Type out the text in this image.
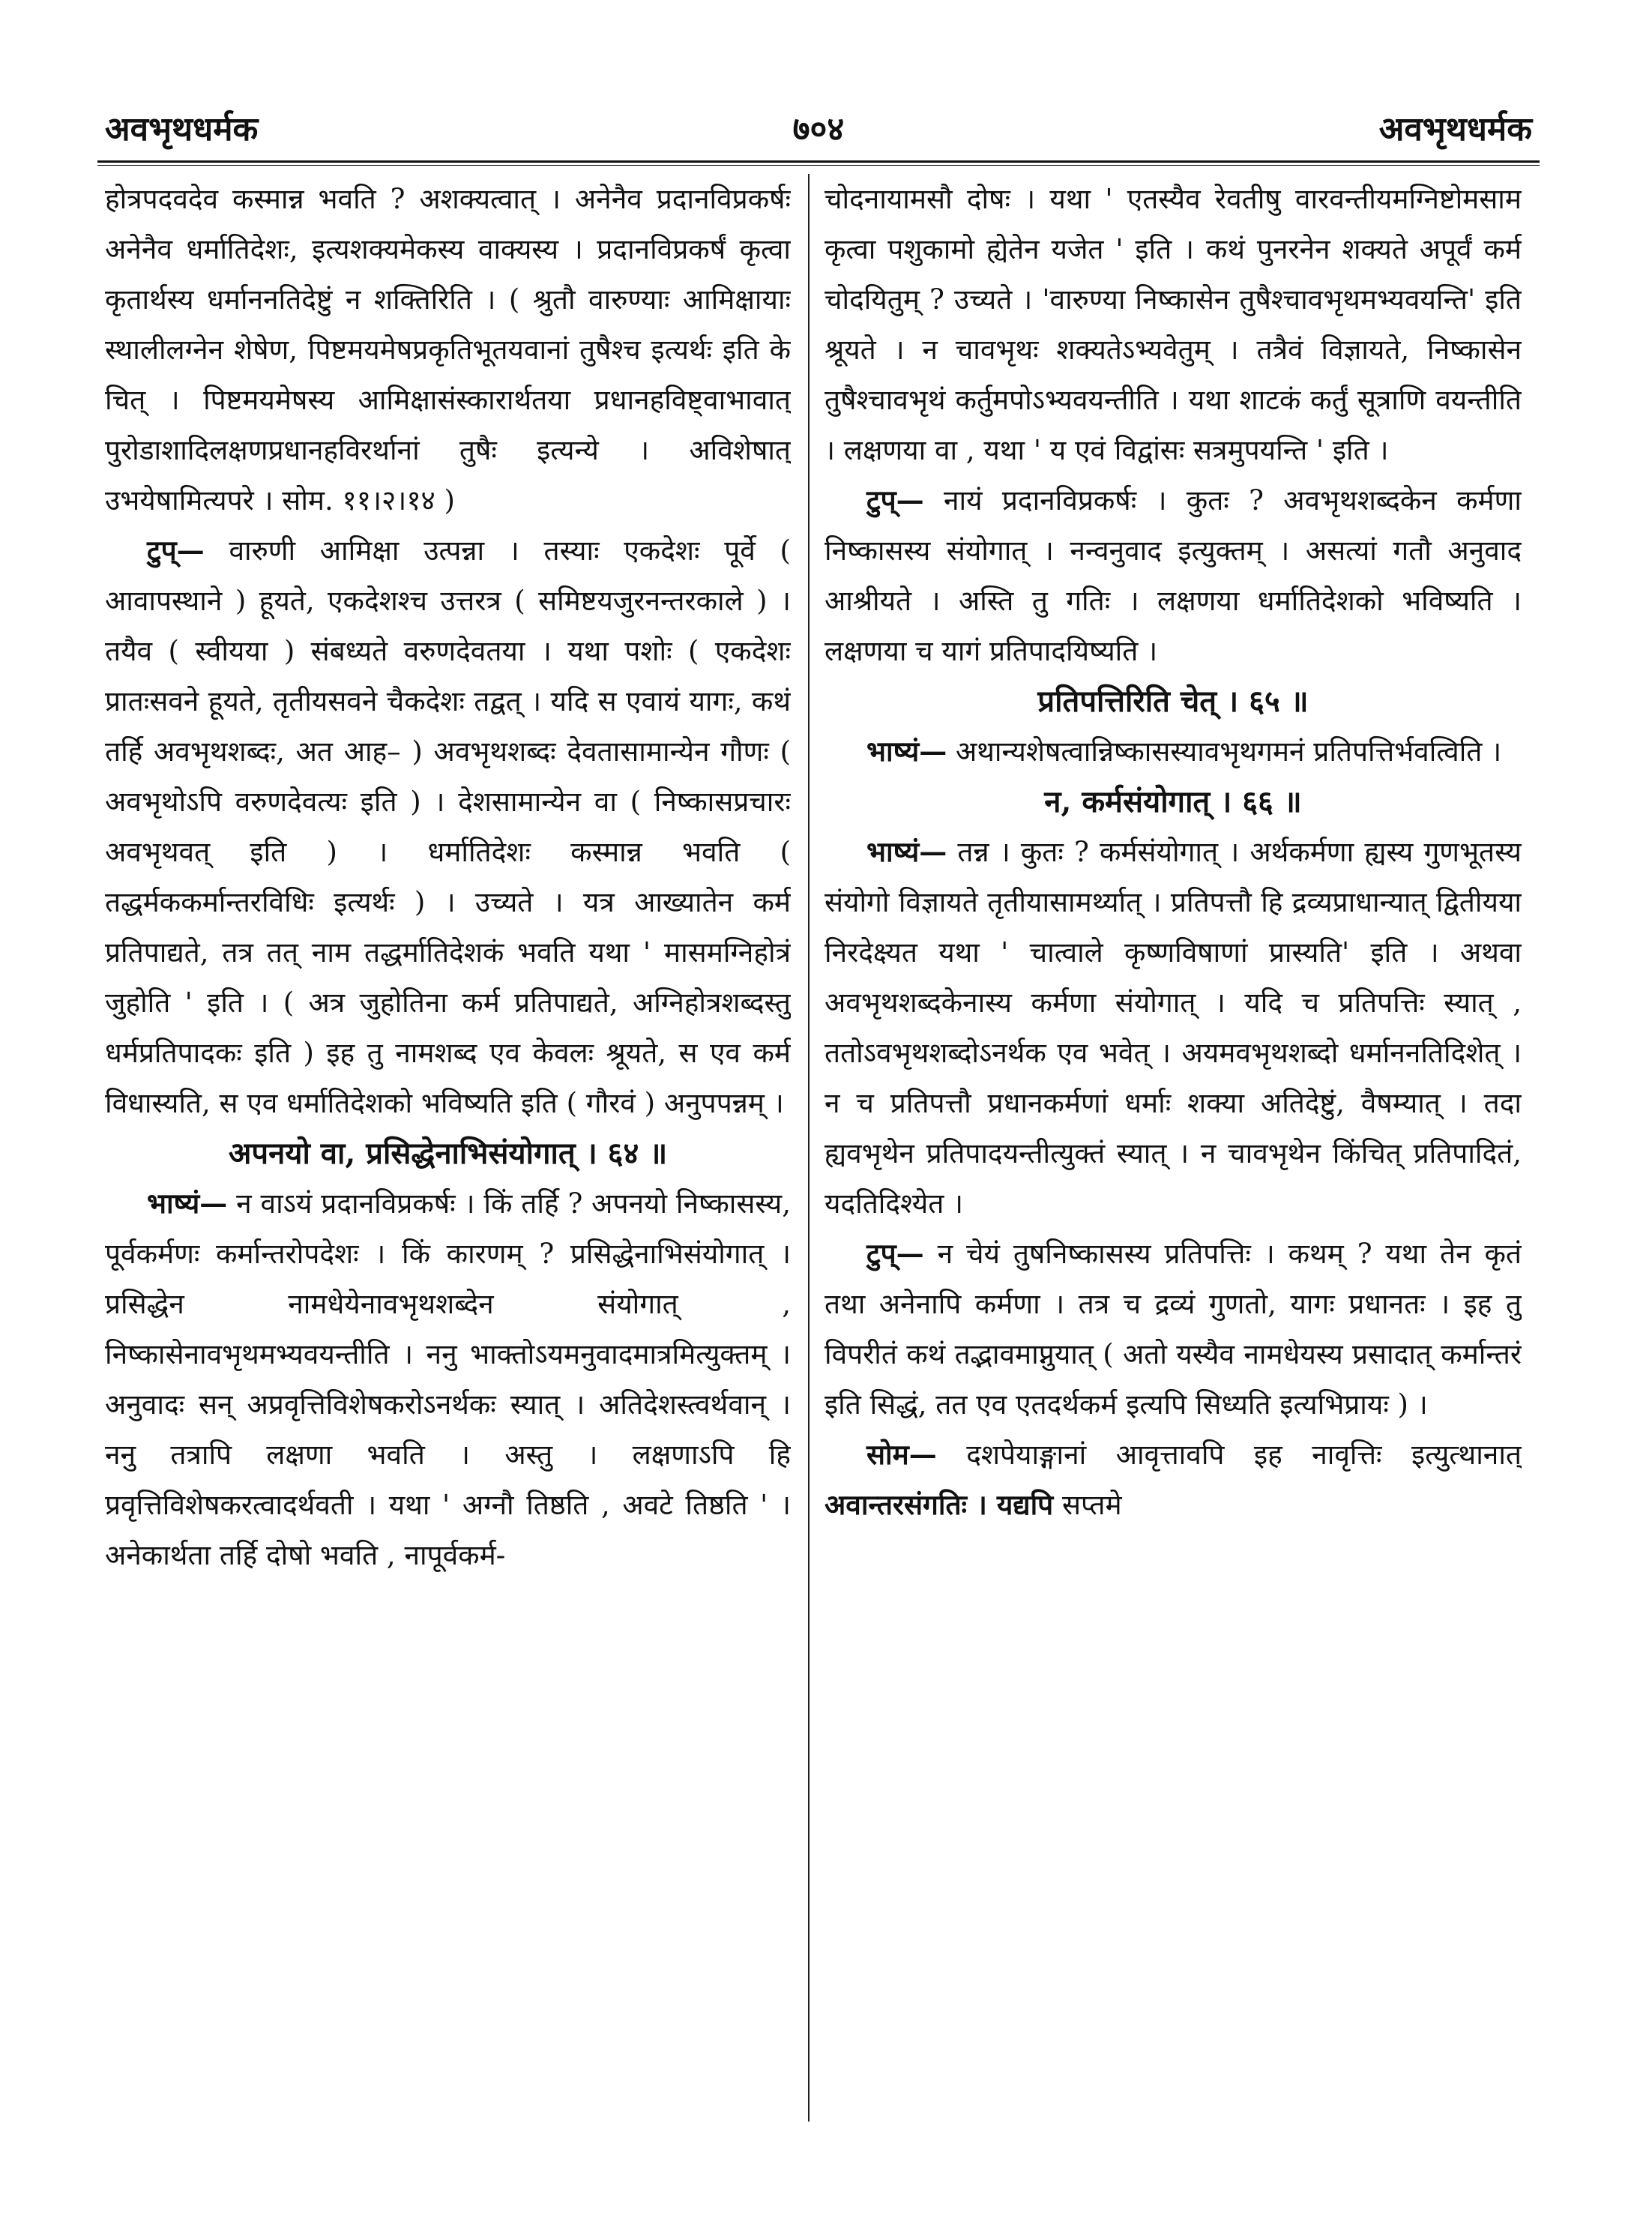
अवभृथधर्मक	७०४	अवभृथधर्मक

होत्रपदवदेव कस्मान्न भवति ? अशक्यत्वात् । अनेनैव प्रदानविप्रकर्षः अनेनैव धर्मातिदेशः, इत्यशक्यमेकस्य वाक्यस्य । प्रदानविप्रकर्षं कृत्वा कृतार्थस्य धर्माननतिदेष्टुं न शक्तिरिति । ( श्रुतौ वारुण्याः आमिक्षायाः स्थालीलग्नेन शेषेण, पिष्टमयमेषप्रकृतिभूतयवानां तुषैश्च इत्यर्थः इति के चित् । पिष्टमयमेषस्य आमिक्षासंस्कारार्थतया प्रधानहविष्ट्वाभावात् पुरोडाशादिलक्षणप्रधानहविरर्थानां तुषैः इत्यन्ये । अविशेषात् उभयेषामित्यपरे । सोम. ११।२।१४ )

टुप्— वारुणी आमिक्षा उत्पन्ना । तस्याः एकदेशः पूर्वे ( आवापस्थाने ) हूयते, एकदेशश्च उत्तरत्र ( समिष्टयजुरनन्तरकाले ) । तयैव ( स्वीयया ) संबध्यते वरुणदेवतया । यथा पशोः ( एकदेशः प्रातःसवने हूयते, तृतीयसवने चैकदेशः तद्वत् । यदि स एवायं यागः, कथं तर्हि अवभृथशब्दः, अत आह– ) अवभृथशब्दः देवतासामान्येन गौणः ( अवभृथोऽपि वरुणदेवत्यः इति ) । देशसामान्येन वा ( निष्कासप्रचारः अवभृथवत् इति ) । धर्मातिदेशः कस्मान्न भवति ( तद्धर्मककर्मान्तरविधिः इत्यर्थः ) । उच्यते । यत्र आख्यातेन कर्म प्रतिपाद्यते, तत्र तत् नाम तद्धर्मातिदेशकं भवति यथा ' मासमग्निहोत्रं जुहोति ' इति । ( अत्र जुहोतिना कर्म प्रतिपाद्यते, अग्निहोत्रशब्दस्तु धर्मप्रतिपादकः इति ) इह तु नामशब्द एव केवलः श्रूयते, स एव कर्म विधास्यति, स एव धर्मातिदेशको भविष्यति इति ( गौरवं ) अनुपपन्नम् ।

अपनयो वा, प्रसिद्धेनाभिसंयोगात् । ६४ ॥

भाष्यं— न वाऽयं प्रदानविप्रकर्षः । किं तर्हि ? अपनयो निष्कासस्य, पूर्वकर्मणः कर्मान्तरोपदेशः । किं कारणम् ? प्रसिद्धेनाभिसंयोगात् । प्रसिद्धेन नामधेयेनावभृथशब्देन संयोगात् , निष्कासेनावभृथमभ्यवयन्तीति । ननु भाक्तोऽयमनुवादमात्रमित्युक्तम् । अनुवादः सन् अप्रवृत्तिविशेषकरोऽनर्थकः स्यात् । अतिदेशस्त्वर्थवान् । ननु तत्रापि लक्षणा भवति । अस्तु । लक्षणाऽपि हि प्रवृत्तिविशेषकरत्वादर्थवती । यथा ' अग्नौ तिष्ठति , अवटे तिष्ठति ' । अनेकार्थता तर्हि दोषो भवति , नापूर्वकर्म-

चोदनायामसौ दोषः । यथा ' एतस्यैव रेवतीषु वारवन्तीयमग्निष्टोमसाम कृत्वा पशुकामो ह्येतेन यजेत ' इति । कथं पुनरनेन शक्यते अपूर्वं कर्म चोदयितुम् ? उच्यते । 'वारुण्या निष्कासेन तुषैश्चावभृथमभ्यवयन्ति' इति श्रूयते । न चावभृथः शक्यतेऽभ्यवेतुम् । तत्रैवं विज्ञायते, निष्कासेन तुषैश्चावभृथं कर्तुमपोऽभ्यवयन्तीति । यथा शाटकं कर्तुं सूत्राणि वयन्तीति । लक्षणया वा , यथा ' य एवं विद्वांसः सत्रमुपयन्ति ' इति ।

टुप्— नायं प्रदानविप्रकर्षः । कुतः ? अवभृथशब्दकेन कर्मणा निष्कासस्य संयोगात् । नन्वनुवाद इत्युक्तम् । असत्यां गतौ अनुवाद आश्रीयते । अस्ति तु गतिः । लक्षणया धर्मातिदेशको भविष्यति । लक्षणया च यागं प्रतिपादयिष्यति ।

प्रतिपत्तिरिति चेत् । ६५ ॥

भाष्यं— अथान्यशेषत्वान्निष्कासस्यावभृथगमनं प्रतिपत्तिर्भवत्विति ।

न, कर्मसंयोगात् । ६६ ॥

भाष्यं— तन्न । कुतः ? कर्मसंयोगात् । अर्थकर्मणा ह्यस्य गुणभूतस्य संयोगो विज्ञायते तृतीयासामर्थ्यात् । प्रतिपत्तौ हि द्रव्यप्राधान्यात् द्वितीयया निरदेक्ष्यत यथा ' चात्वाले कृष्णविषाणां प्रास्यति' इति । अथवा अवभृथशब्दकेनास्य कर्मणा संयोगात् । यदि च प्रतिपत्तिः स्यात् , ततोऽवभृथशब्दोऽनर्थक एव भवेत् । अयमवभृथशब्दो धर्माननतिदिशेत् । न च प्रतिपत्तौ प्रधानकर्मणां धर्माः शक्या अतिदेष्टुं, वैषम्यात् । तदा ह्यवभृथेन प्रतिपादयन्तीत्युक्तं स्यात् । न चावभृथेन किंचित् प्रतिपादितं, यदतिदिश्येत ।

टुप्— न चेयं तुषनिष्कासस्य प्रतिपत्तिः । कथम् ? यथा तेन कृतं तथा अनेनापि कर्मणा । तत्र च द्रव्यं गुणतो, यागः प्रधानतः । इह तु विपरीतं कथं तद्भावमाप्नुयात् ( अतो यस्यैव नामधेयस्य प्रसादात् कर्मान्तरं इति सिद्धं, तत एव एतदर्थकर्म इत्यपि सिध्यति इत्यभिप्रायः ) ।

सोम— दशपेयाङ्गानां आवृत्तावपि इह नावृत्तिः इत्युत्थानात् अवान्तरसंगतिः । यद्यपि सप्तमे
